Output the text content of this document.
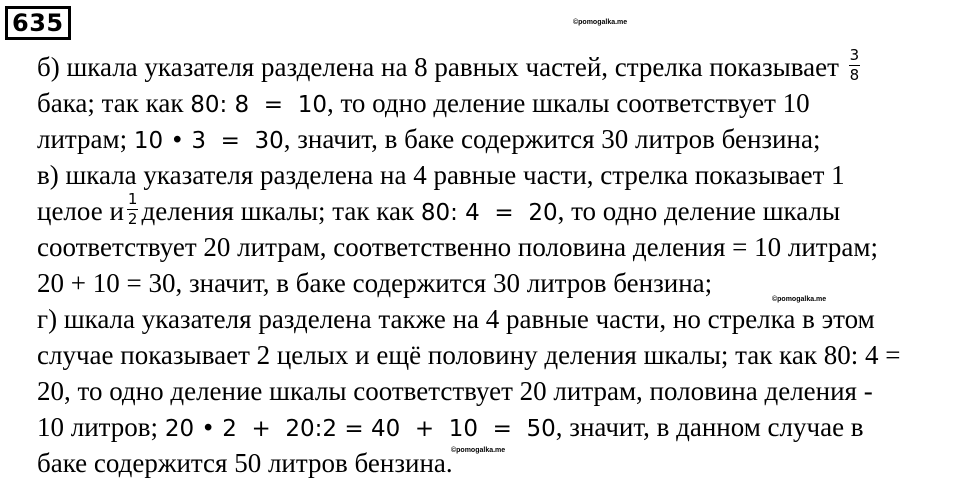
635	©pomogalka.me
©pomogalka.me
©pomogalka.me
б) шкала указателя разделена на 8 равных частей, стрелка показывает $\frac{3}{8}$
бака; так как 80: 8  =  10, то одно деление шкалы соответствует 10
литрам; 10 • 3  =  30, значит, в баке содержится 30 литров бензина;
в) шкала указателя разделена на 4 равные части, стрелка показывает 1
целое и $\frac{1}{2}$ деления шкалы; так как 80: 4  =  20, то одно деление шкалы
соответствует 20 литрам, соответственно половина деления = 10 литрам;
20 + 10 = 30, значит, в баке содержится 30 литров бензина;
г) шкала указателя разделена также на 4 равные части, но стрелка в этом
случае показывает 2 целых и ещё половину деления шкалы; так как 80: 4 =
20, то одно деление шкалы соответствует 20 литрам, половина деления -
10 литров; 20 • 2  +  20:2 = 40  +  10  =  50, значит, в данном случае в
баке содержится 50 литров бензина.
